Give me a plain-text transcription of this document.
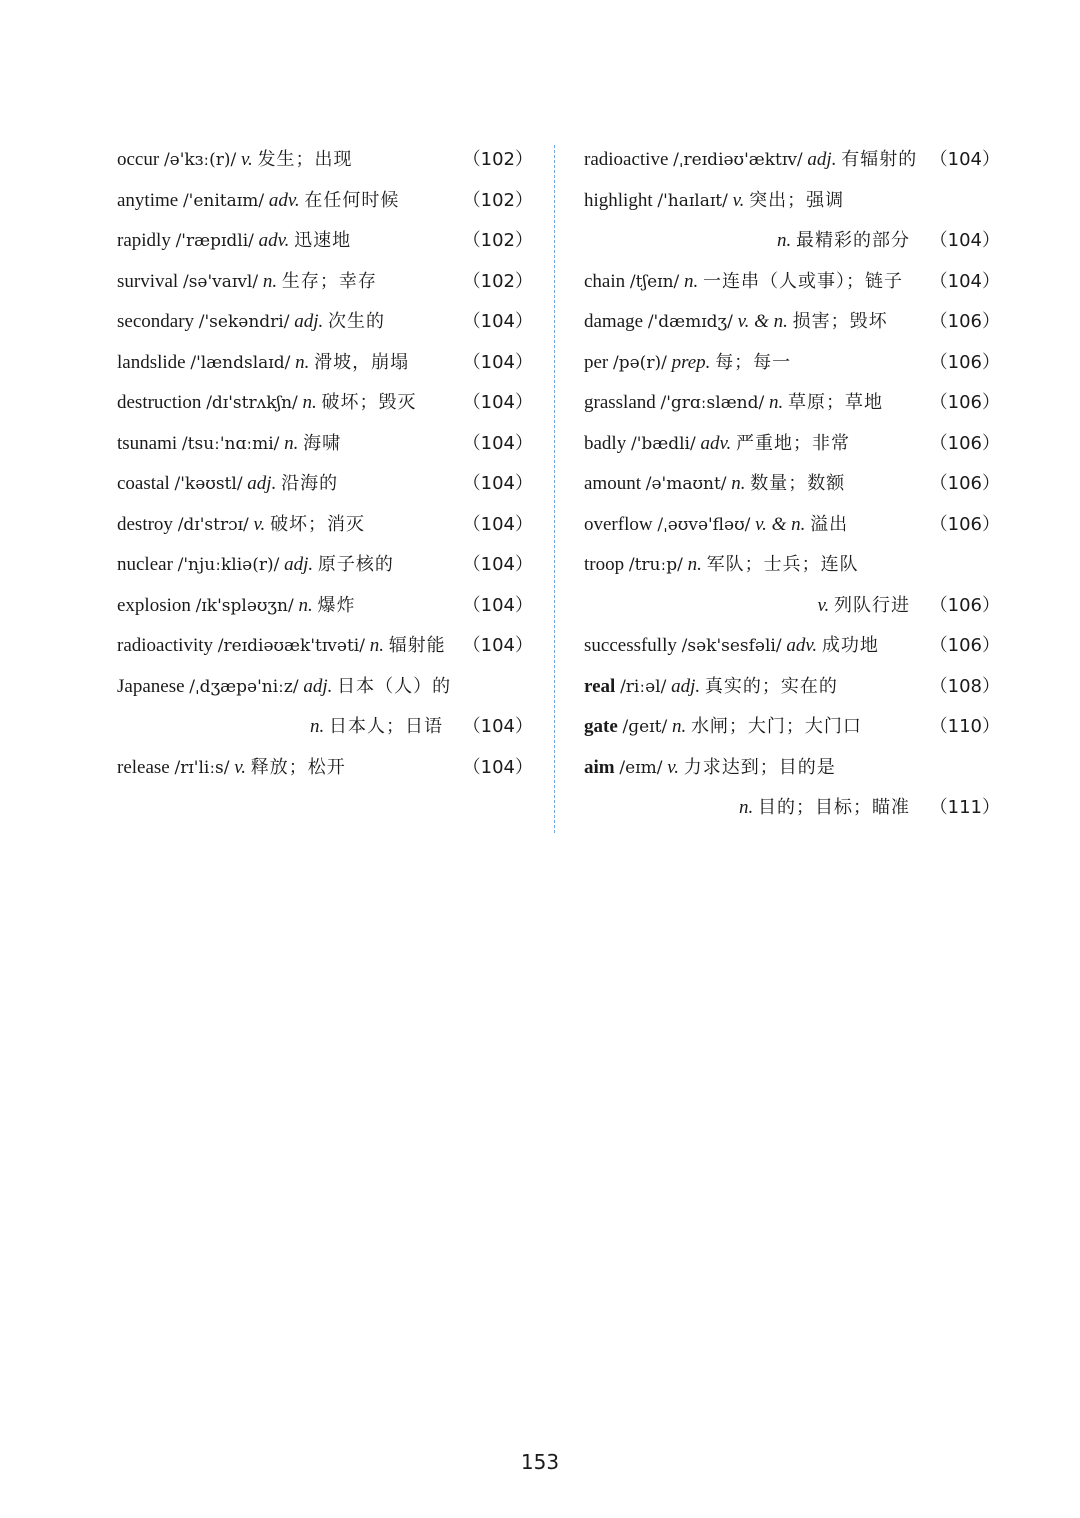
occur /ə'kɜː(r)/ v. 发生；出现	（102）
anytime /'enitaɪm/ adv. 在任何时候	（102）
rapidly /'ræpɪdli/ adv. 迅速地	（102）
survival /sə'vaɪvl/ n. 生存；幸存	（102）
secondary /'sekəndri/ adj. 次生的	（104）
landslide /'lændslaɪd/ n. 滑坡，崩塌	（104）
destruction /dɪ'strʌkʃn/ n. 破坏；毁灭	（104）
tsunami /tsuː'nɑːmi/ n. 海啸	（104）
coastal /'kəʊstl/ adj. 沿海的	（104）
destroy /dɪ'strɔɪ/ v. 破坏；消灭	（104）
nuclear /'njuːkliə(r)/ adj. 原子核的	（104）
explosion /ɪk'spləʊʒn/ n. 爆炸	（104）
radioactivity /reɪdiəʊæk'tɪvəti/ n. 辐射能 （104）
Japanese /ˌdʒæpə'niːz/ adj. 日本（人）的
n. 日本人；日语 （104）
release /rɪ'liːs/ v. 释放；松开	（104）
radioactive /ˌreɪdiəʊ'æktɪv/ adj. 有辐射的 （104）
highlight /'haɪlaɪt/ v. 突出；强调
n. 最精彩的部分 （104）
chain /tʃeɪn/ n. 一连串（人或事）；链子 （104）
damage /'dæmɪdʒ/ v. & n. 损害；毁坏 （106）
per /pə(r)/ prep. 每；每一	（106）
grassland /'grɑːslænd/ n. 草原；草地	（106）
badly /'bædli/ adv. 严重地；非常	（106）
amount /ə'maʊnt/ n. 数量；数额	（106）
overflow /ˌəʊvə'fləʊ/ v. & n. 溢出	（106）
troop /truːp/ n. 军队；士兵；连队
v. 列队行进 （106）
successfully /sək'sesfəli/ adv. 成功地	（106）
real /riːəl/ adj. 真实的；实在的	（108）
gate /ɡeɪt/ n. 水闸；大门；大门口	（110）
aim /eɪm/ v. 力求达到；目的是
n. 目的；目标；瞄准 （111）
153
